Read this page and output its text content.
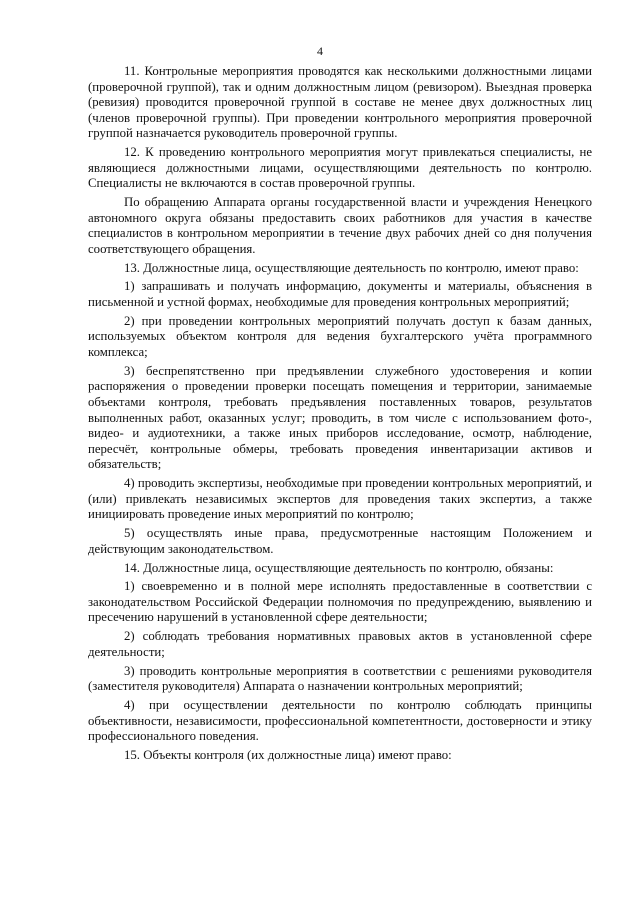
4

11. Контрольные мероприятия проводятся как несколькими должностными лицами (проверочной группой), так и одним должностным лицом (ревизором). Выездная проверка (ревизия) проводится проверочной группой в составе не менее двух должностных лиц (членов проверочной группы). При проведении контрольного мероприятия проверочной группой назначается руководитель проверочной группы.

12. К проведению контрольного мероприятия могут привлекаться специалисты, не являющиеся должностными лицами, осуществляющими деятельность по контролю. Специалисты не включаются в состав проверочной группы.

По обращению Аппарата органы государственной власти и учреждения Ненецкого автономного округа обязаны предоставить своих работников для участия в качестве специалистов в контрольном мероприятии в течение двух рабочих дней со дня получения соответствующего обращения.

13. Должностные лица, осуществляющие деятельность по контролю, имеют право:

1) запрашивать и получать информацию, документы и материалы, объяснения в письменной и устной формах, необходимые для проведения контрольных мероприятий;

2) при проведении контрольных мероприятий получать доступ к базам данных, используемых объектом контроля для ведения бухгалтерского учёта программного комплекса;

3) беспрепятственно при предъявлении служебного удостоверения и копии распоряжения о проведении проверки посещать помещения и территории, занимаемые объектами контроля, требовать предъявления поставленных товаров, результатов выполненных работ, оказанных услуг; проводить, в том числе с использованием фото-, видео- и аудиотехники, а также иных приборов исследование, осмотр, наблюдение, пересчёт, контрольные обмеры, требовать проведения инвентаризации активов и обязательств;

4) проводить экспертизы, необходимые при проведении контрольных мероприятий, и (или) привлекать независимых экспертов для проведения таких экспертиз, а также инициировать проведение иных мероприятий по контролю;

5) осуществлять иные права, предусмотренные настоящим Положением и действующим законодательством.

14. Должностные лица, осуществляющие деятельность по контролю, обязаны:

1) своевременно и в полной мере исполнять предоставленные в соответствии с законодательством Российской Федерации полномочия по предупреждению, выявлению и пресечению нарушений в установленной сфере деятельности;

2) соблюдать требования нормативных правовых актов в установленной сфере деятельности;

3) проводить контрольные мероприятия в соответствии с решениями руководителя (заместителя руководителя) Аппарата о назначении контрольных мероприятий;

4) при осуществлении деятельности по контролю соблюдать принципы объективности, независимости, профессиональной компетентности, достоверности и этику профессионального поведения.

15. Объекты контроля (их должностные лица) имеют право:
